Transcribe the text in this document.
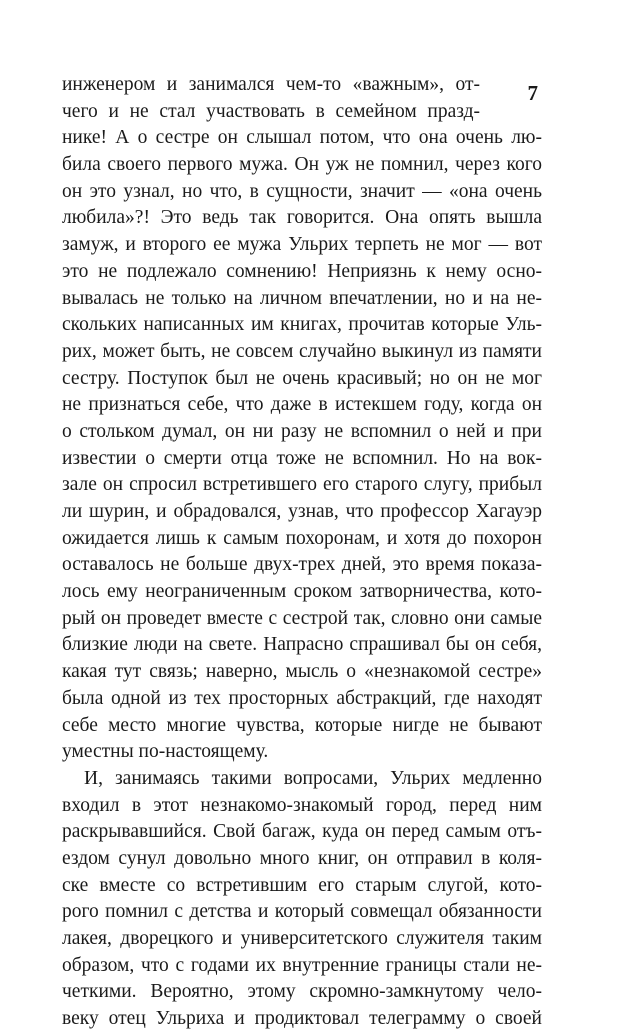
7
инженером и занимался чем-то «важным», от-
чего и не стал участвовать в семейном празд-
нике! А о сестре он слышал потом, что она очень лю-
била своего первого мужа. Он уж не помнил, через кого
он это узнал, но что, в сущности, значит — «она очень
любила»?! Это ведь так говорится. Она опять вышла
замуж, и второго ее мужа Ульрих терпеть не мог — вот
это не подлежало сомнению! Неприязнь к нему осно-
вывалась не только на личном впечатлении, но и на не-
скольких написанных им книгах, прочитав которые Уль-
рих, может быть, не совсем случайно выкинул из памяти
сестру. Поступок был не очень красивый; но он не мог
не признаться себе, что даже в истекшем году, когда он
о стольком думал, он ни разу не вспомнил о ней и при
известии о смерти отца тоже не вспомнил. Но на вок-
зале он спросил встретившего его старого слугу, прибыл
ли шурин, и обрадовался, узнав, что профессор Хагауэр
ожидается лишь к самым похоронам, и хотя до похорон
оставалось не больше двух-трех дней, это время показа-
лось ему неограниченным сроком затворничества, кото-
рый он проведет вместе с сестрой так, словно они самые
близкие люди на свете. Напрасно спрашивал бы он себя,
какая тут связь; наверно, мысль о «незнакомой сестре»
была одной из тех просторных абстракций, где находят
себе место многие чувства, которые нигде не бывают
уместны по-настоящему.
И, занимаясь такими вопросами, Ульрих медленно
входил в этот незнакомо-знакомый город, перед ним
раскрывавшийся. Свой багаж, куда он перед самым отъ-
ездом сунул довольно много книг, он отправил в коля-
ске вместе со встретившим его старым слугой, кото-
рого помнил с детства и который совмещал обязанности
лакея, дворецкого и университетского служителя таким
образом, что с годами их внутренние границы стали не-
четкими. Вероятно, этому скромно-замкнутому чело-
веку отец Ульриха и продиктовал телеграмму о своей
